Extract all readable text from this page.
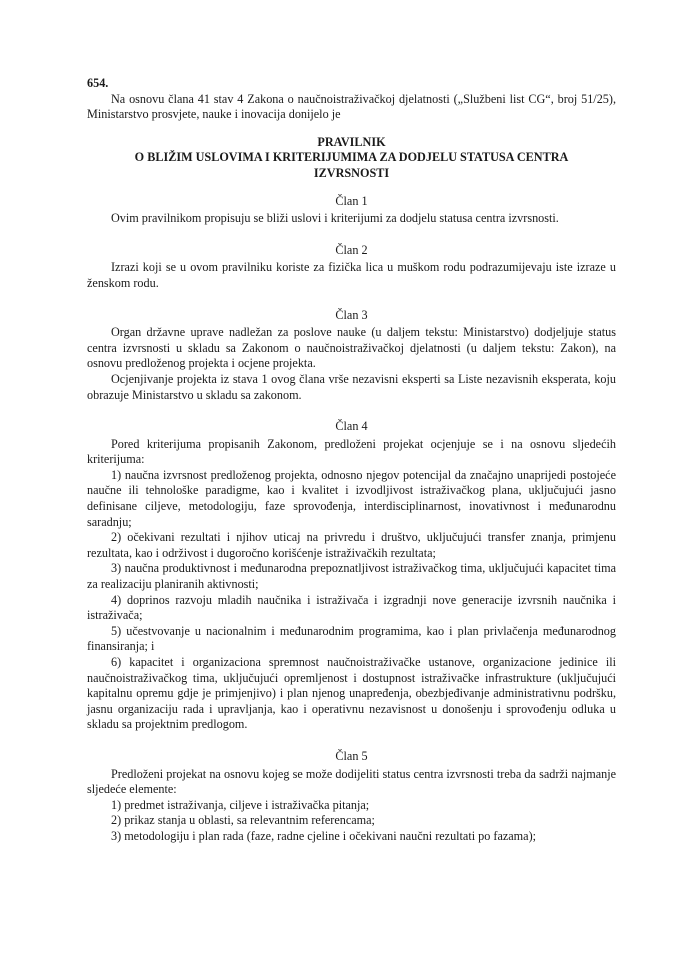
654.

Na osnovu člana 41 stav 4 Zakona o naučnoistraživačkoj djelatnosti („Službeni list CG“, broj 51/25), Ministarstvo prosvjete, nauke i inovacija donijelo je

PRAVILNIK
O BLIŽIM USLOVIMA I KRITERIJUMIMA ZA DODJELU STATUSA CENTRA
IZVRSNOSTI
Član 1

Ovim pravilnikom propisuju se bliži uslovi i kriterijumi za dodjelu statusa centra izvrsnosti.

Član 2

Izrazi koji se u ovom pravilniku koriste za fizička lica u muškom rodu podrazumijevaju iste izraze u ženskom rodu.

Član 3

Organ državne uprave nadležan za poslove nauke (u daljem tekstu: Ministarstvo) dodjeljuje status centra izvrsnosti u skladu sa Zakonom o naučnoistraživačkoj djelatnosti (u daljem tekstu: Zakon), na osnovu predloženog projekta i ocjene projekta.

Ocjenjivanje projekta iz stava 1 ovog člana vrše nezavisni eksperti sa Liste nezavisnih eksperata, koju obrazuje Ministarstvo u skladu sa zakonom.

Član 4

Pored kriterijuma propisanih Zakonom, predloženi projekat ocjenjuje se i na osnovu sljedećih kriterijuma:

1) naučna izvrsnost predloženog projekta, odnosno njegov potencijal da značajno unaprijedi postojeće naučne ili tehnološke paradigme, kao i kvalitet i izvodljivost istraživačkog plana, uključujući jasno definisane ciljeve, metodologiju, faze sprovođenja, interdisciplinarnost, inovativnost i međunarodnu saradnju;

2) očekivani rezultati i njihov uticaj na privredu i društvo, uključujući transfer znanja, primjenu rezultata, kao i održivost i dugoročno korišćenje istraživačkih rezultata;

3) naučna produktivnost i međunarodna prepoznatljivost istraživačkog tima, uključujući kapacitet tima za realizaciju planiranih aktivnosti;

4) doprinos razvoju mladih naučnika i istraživača i izgradnji nove generacije izvrsnih naučnika i istraživača;

5) učestvovanje u nacionalnim i međunarodnim programima, kao i plan privlačenja međunarodnog finansiranja; i

6) kapacitet i organizaciona spremnost naučnoistraživačke ustanove, organizacione jedinice ili naučnoistraživačkog tima, uključujući opremljenost i dostupnost istraživačke infrastrukture (uključujući kapitalnu opremu gdje je primjenjivo) i plan njenog unapređenja, obezbjeđivanje administrativnu podršku, jasnu organizaciju rada i upravljanja, kao i operativnu nezavisnost u donošenju i sprovođenju odluka u skladu sa projektnim predlogom.

Član 5

Predloženi projekat na osnovu kojeg se može dodijeliti status centra izvrsnosti treba da sadrži najmanje sljedeće elemente:

1) predmet istraživanja, ciljeve i istraživačka pitanja;

2) prikaz stanja u oblasti, sa relevantnim referencama;

3) metodologiju i plan rada (faze, radne cjeline i očekivani naučni rezultati po fazama);
